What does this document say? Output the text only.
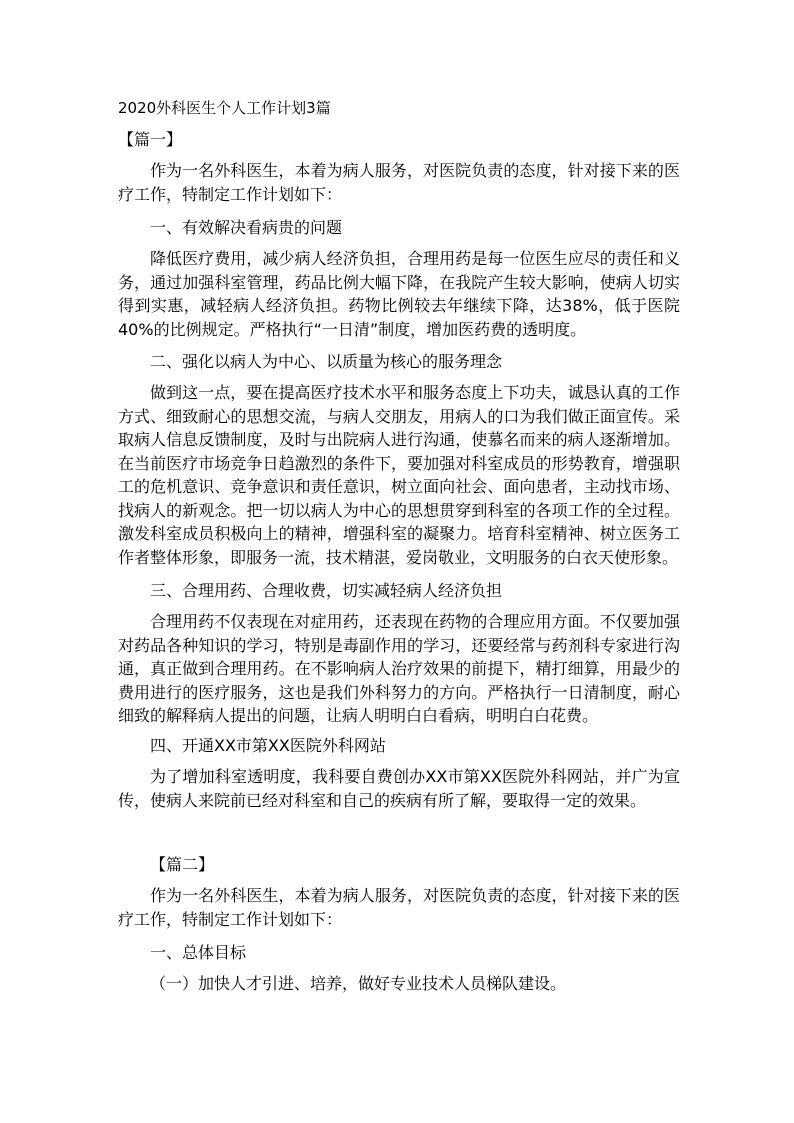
2020外科医生个人工作计划3篇

【篇一】

作为一名外科医生，本着为病人服务，对医院负责的态度，针对接下来的医疗工作，特制定工作计划如下：

一、有效解决看病贵的问题

降低医疗费用，减少病人经济负担，合理用药是每一位医生应尽的责任和义务，通过加强科室管理，药品比例大幅下降，在我院产生较大影响，使病人切实得到实惠，减轻病人经济负担。药物比例较去年继续下降，达38%，低于医院40%的比例规定。严格执行“一日清”制度，增加医药费的透明度。

二、强化以病人为中心、以质量为核心的服务理念

做到这一点，要在提高医疗技术水平和服务态度上下功夫，诚恳认真的工作方式、细致耐心的思想交流，与病人交朋友，用病人的口为我们做正面宣传。采取病人信息反馈制度，及时与出院病人进行沟通，使慕名而来的病人逐渐增加。在当前医疗市场竞争日趋激烈的条件下，要加强对科室成员的形势教育，增强职工的危机意识、竞争意识和责任意识，树立面向社会、面向患者，主动找市场、找病人的新观念。把一切以病人为中心的思想贯穿到科室的各项工作的全过程。激发科室成员积极向上的精神，增强科室的凝聚力。培育科室精神、树立医务工作者整体形象，即服务一流，技术精湛，爱岗敬业，文明服务的白衣天使形象。

三、合理用药、合理收费，切实减轻病人经济负担

合理用药不仅表现在对症用药，还表现在药物的合理应用方面。不仅要加强对药品各种知识的学习，特别是毒副作用的学习，还要经常与药剂科专家进行沟通，真正做到合理用药。在不影响病人治疗效果的前提下，精打细算，用最少的费用进行的医疗服务，这也是我们外科努力的方向。严格执行一日清制度，耐心细致的解释病人提出的问题，让病人明明白白看病，明明白白花费。

四、开通XX市第XX医院外科网站

为了增加科室透明度，我科要自费创办XX市第XX医院外科网站，并广为宣传，使病人来院前已经对科室和自己的疾病有所了解，要取得一定的效果。

【篇二】

作为一名外科医生，本着为病人服务，对医院负责的态度，针对接下来的医疗工作，特制定工作计划如下：

一、总体目标

（一）加快人才引进、培养，做好专业技术人员梯队建设。
